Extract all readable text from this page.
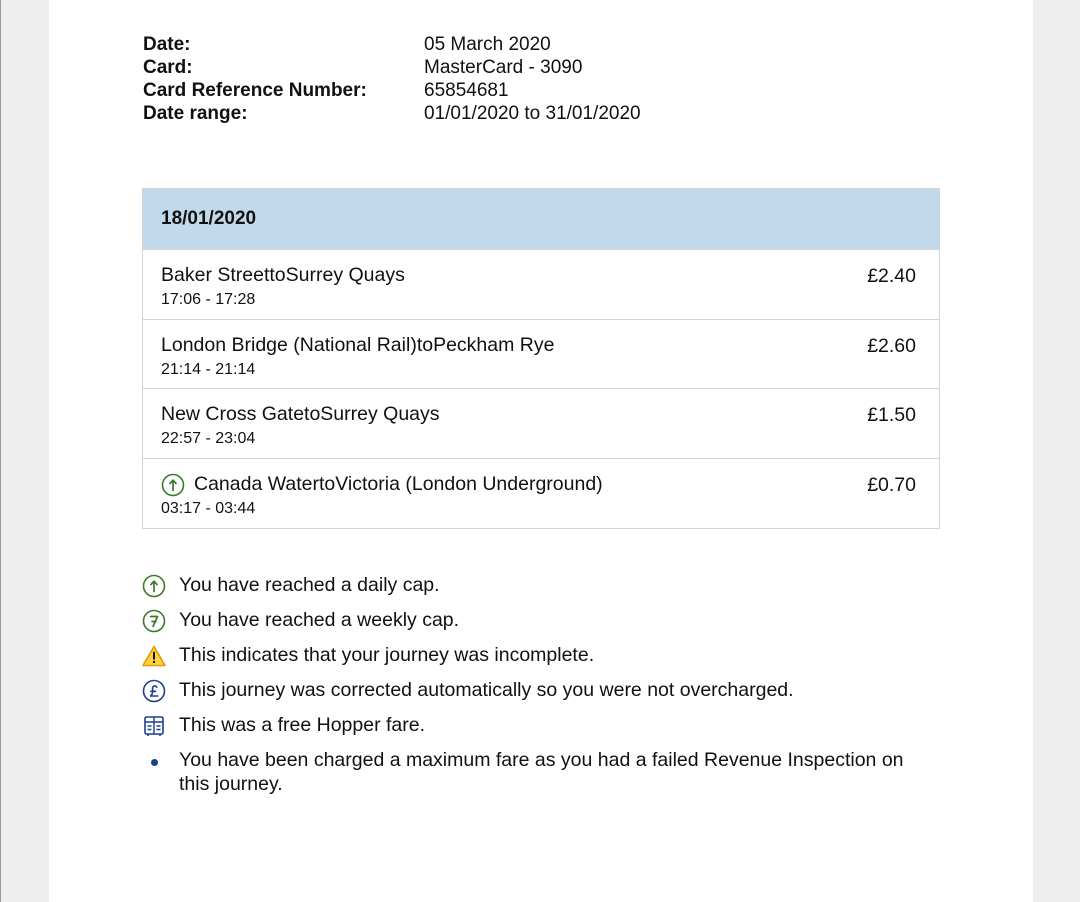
Date:	05 March 2020
Card:	MasterCard - 3090
Card Reference Number:	65854681
Date range:	01/01/2020 to 31/01/2020
18/01/2020
Baker StreettoSurrey Quays
17:06 - 17:28
£2.40
London Bridge (National Rail)toPeckham Rye
21:14 - 21:14
£2.60
New Cross GatetoSurrey Quays
22:57 - 23:04
£1.50
Canada WatertoVictoria (London Underground)
03:17 - 03:44
£0.70
You have reached a daily cap.
You have reached a weekly cap.
This indicates that your journey was incomplete.
This journey was corrected automatically so you were not overcharged.
This was a free Hopper fare.
You have been charged a maximum fare as you had a failed Revenue Inspection on this journey.
